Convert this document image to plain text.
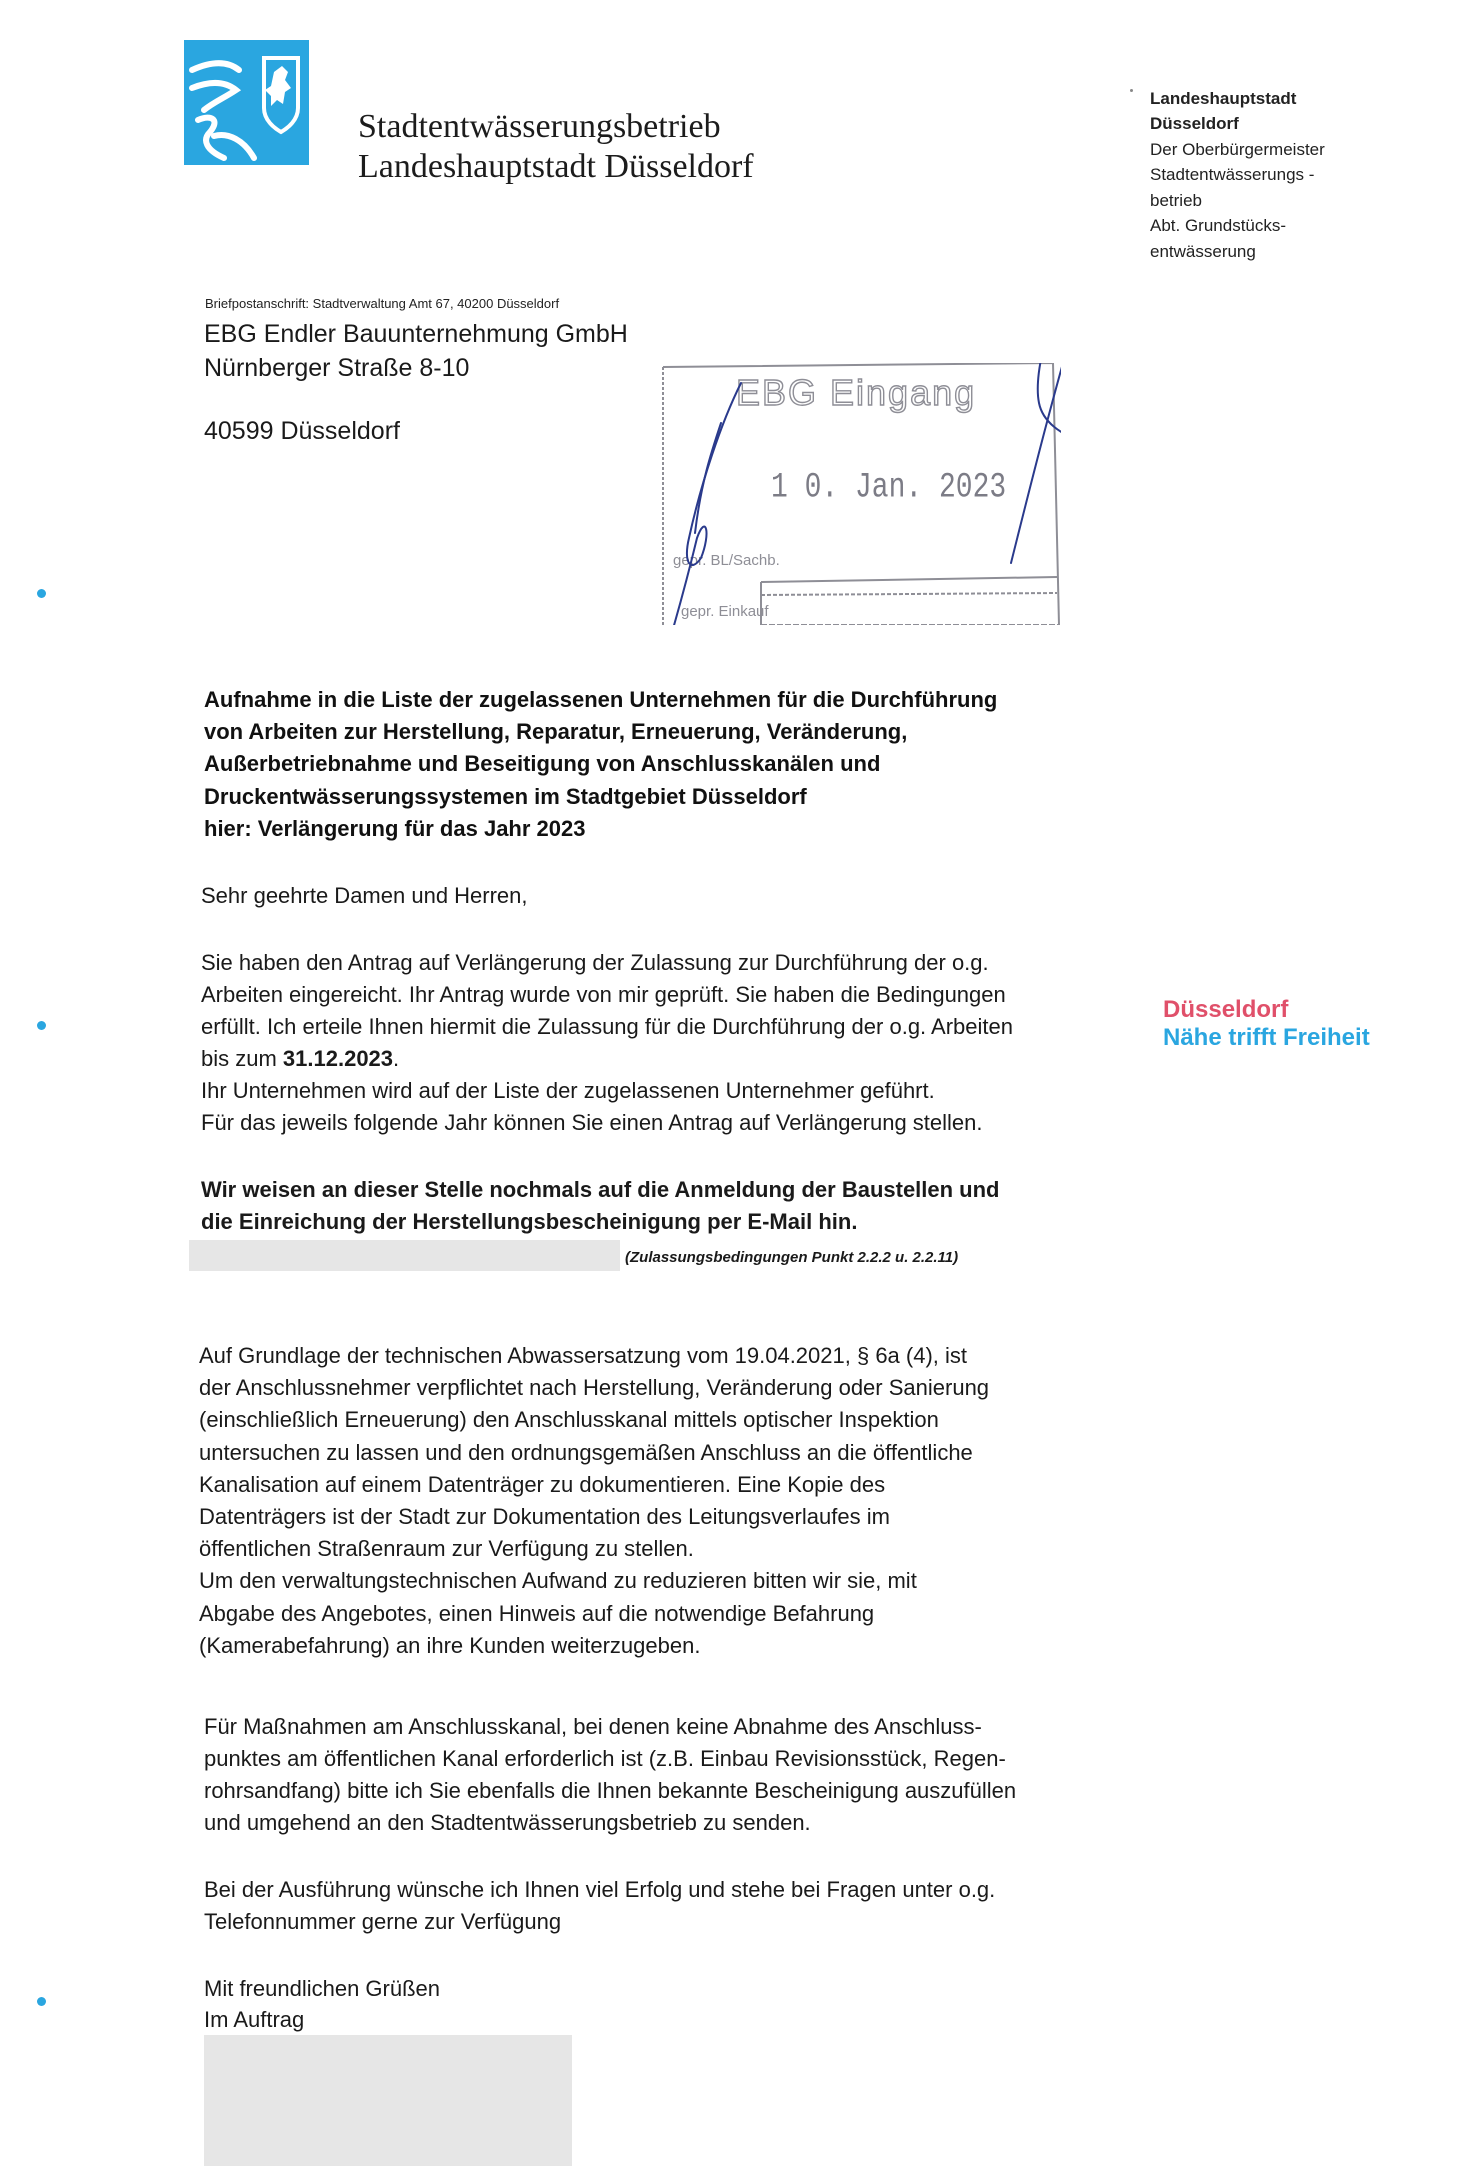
Stadtentwässerungsbetrieb
Landeshauptstadt Düsseldorf
Landeshauptstadt
Düsseldorf
Der Oberbürgermeister
Stadtentwässerungs -
betrieb
Abt. Grundstücks-
entwässerung
Briefpostanschrift: Stadtverwaltung Amt 67, 40200 Düsseldorf
EBG Endler Bauunternehmung GmbH
Nürnberger Straße 8-10
40599 Düsseldorf
EBG Eingang
1 0. Jan. 2023
gepr. BL/Sachb.
gepr. Einkauf
Aufnahme in die Liste der zugelassenen Unternehmen für die Durchführung
von Arbeiten zur Herstellung, Reparatur, Erneuerung, Veränderung,
Außerbetriebnahme und Beseitigung von Anschlusskanälen und
Druckentwässerungssystemen im Stadtgebiet Düsseldorf
hier: Verlängerung für das Jahr 2023
Sehr geehrte Damen und Herren,
Sie haben den Antrag auf Verlängerung der Zulassung zur Durchführung der o.g.
Arbeiten eingereicht. Ihr Antrag wurde von mir geprüft. Sie haben die Bedingungen
erfüllt. Ich erteile Ihnen hiermit die Zulassung für die Durchführung der o.g. Arbeiten
bis zum 31.12.2023.
Ihr Unternehmen wird auf der Liste der zugelassenen Unternehmer geführt.
Für das jeweils folgende Jahr können Sie einen Antrag auf Verlängerung stellen.
Wir weisen an dieser Stelle nochmals auf die Anmeldung der Baustellen und
die Einreichung der Herstellungsbescheinigung per E-Mail hin.
(Zulassungsbedingungen Punkt 2.2.2 u. 2.2.11)
Auf Grundlage der technischen Abwassersatzung vom 19.04.2021, § 6a (4), ist
der Anschlussnehmer verpflichtet nach Herstellung, Veränderung oder Sanierung
(einschließlich Erneuerung) den Anschlusskanal mittels optischer Inspektion
untersuchen zu lassen und den ordnungsgemäßen Anschluss an die öffentliche
Kanalisation auf einem Datenträger zu dokumentieren. Eine Kopie des
Datenträgers ist der Stadt zur Dokumentation des Leitungsverlaufes im
öffentlichen Straßenraum zur Verfügung zu stellen.
Um den verwaltungstechnischen Aufwand zu reduzieren bitten wir sie, mit
Abgabe des Angebotes, einen Hinweis auf die notwendige Befahrung
(Kamerabefahrung) an ihre Kunden weiterzugeben.
Für Maßnahmen am Anschlusskanal, bei denen keine Abnahme des Anschluss-
punktes am öffentlichen Kanal erforderlich ist (z.B. Einbau Revisionsstück, Regen-
rohrsandfang) bitte ich Sie ebenfalls die Ihnen bekannte Bescheinigung auszufüllen
und umgehend an den Stadtentwässerungsbetrieb zu senden.
Bei der Ausführung wünsche ich Ihnen viel Erfolg und stehe bei Fragen unter o.g.
Telefonnummer gerne zur Verfügung
Mit freundlichen Grüßen
Im Auftrag
Düsseldorf
Nähe trifft Freiheit
